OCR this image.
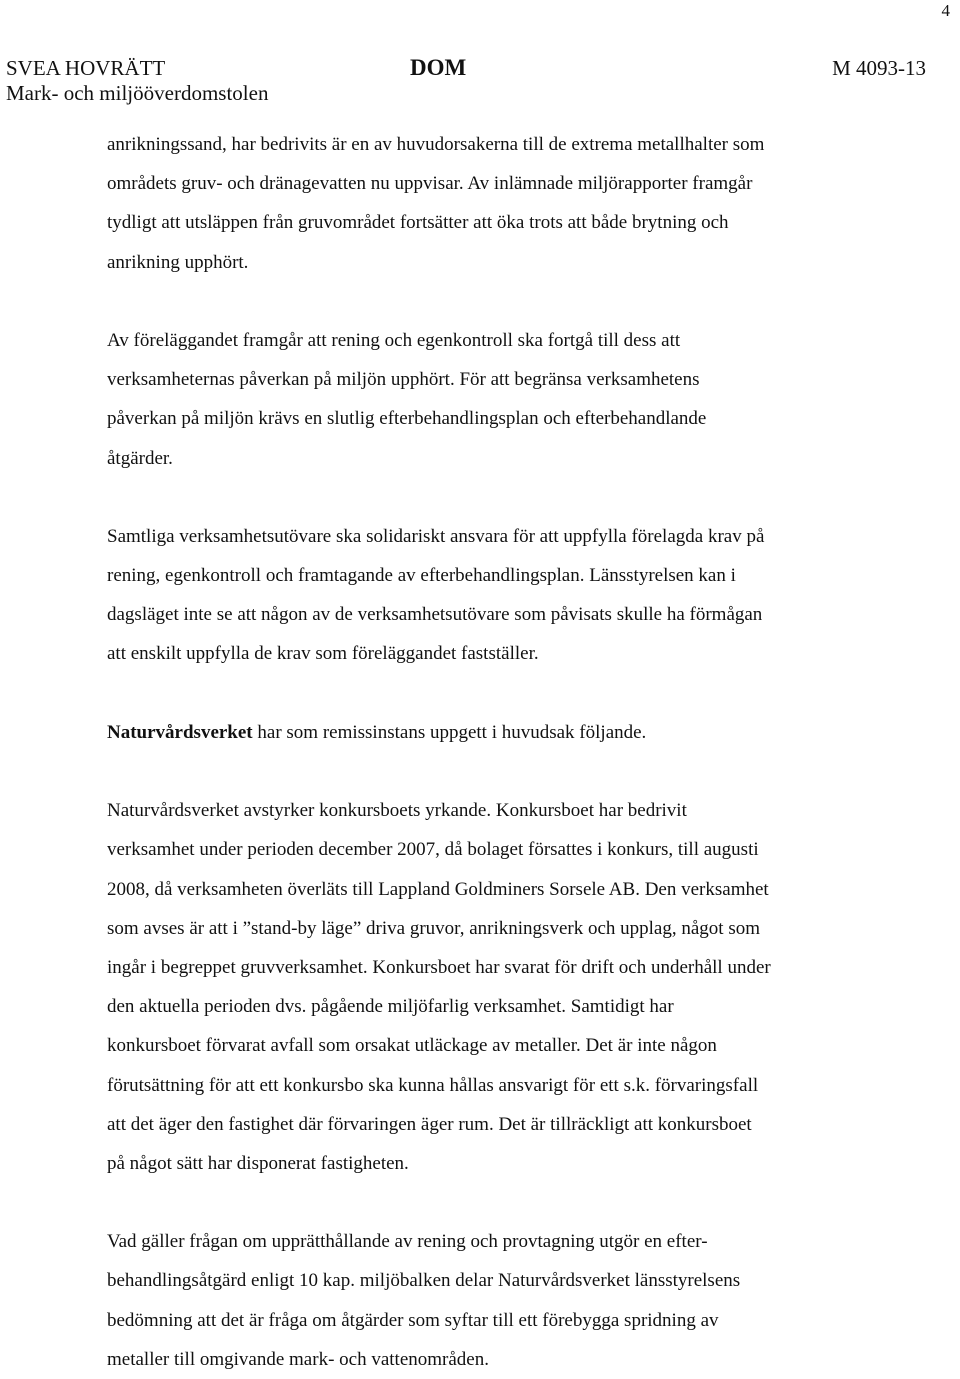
4
SVEA HOVRÄTT
Mark- och miljööverdomstolen
DOM	M 4093-13

anrikningssand, har bedrivits är en av huvudorsakerna till de extrema metallhalter som
områdets gruv- och dränagevatten nu uppvisar. Av inlämnade miljörapporter framgår
tydligt att utsläppen från gruvområdet fortsätter att öka trots att både brytning och
anrikning upphört.

Av föreläggandet framgår att rening och egenkontroll ska fortgå till dess att
verksamheternas påverkan på miljön upphört. För att begränsa verksamhetens
påverkan på miljön krävs en slutlig efterbehandlingsplan och efterbehandlande
åtgärder.

Samtliga verksamhetsutövare ska solidariskt ansvara för att uppfylla förelagda krav på
rening, egenkontroll och framtagande av efterbehandlingsplan. Länsstyrelsen kan i
dagsläget inte se att någon av de verksamhetsutövare som påvisats skulle ha förmågan
att enskilt uppfylla de krav som föreläggandet fastställer.

Naturvårdsverket har som remissinstans uppgett i huvudsak följande.

Naturvårdsverket avstyrker konkursboets yrkande. Konkursboet har bedrivit
verksamhet under perioden december 2007, då bolaget försattes i konkurs, till augusti
2008, då verksamheten överläts till Lappland Goldminers Sorsele AB. Den verksamhet
som avses är att i ”stand-by läge” driva gruvor, anrikningsverk och upplag, något som
ingår i begreppet gruvverksamhet. Konkursboet har svarat för drift och underhåll under
den aktuella perioden dvs. pågående miljöfarlig verksamhet. Samtidigt har
konkursboet förvarat avfall som orsakat utläckage av metaller. Det är inte någon
förutsättning för att ett konkursbo ska kunna hållas ansvarigt för ett s.k. förvaringsfall
att det äger den fastighet där förvaringen äger rum. Det är tillräckligt att konkursboet
på något sätt har disponerat fastigheten.

Vad gäller frågan om upprätthållande av rening och provtagning utgör en efter-
behandlingsåtgärd enligt 10 kap. miljöbalken delar Naturvårdsverket länsstyrelsens
bedömning att det är fråga om åtgärder som syftar till ett förebygga spridning av
metaller till omgivande mark- och vattenområden.
